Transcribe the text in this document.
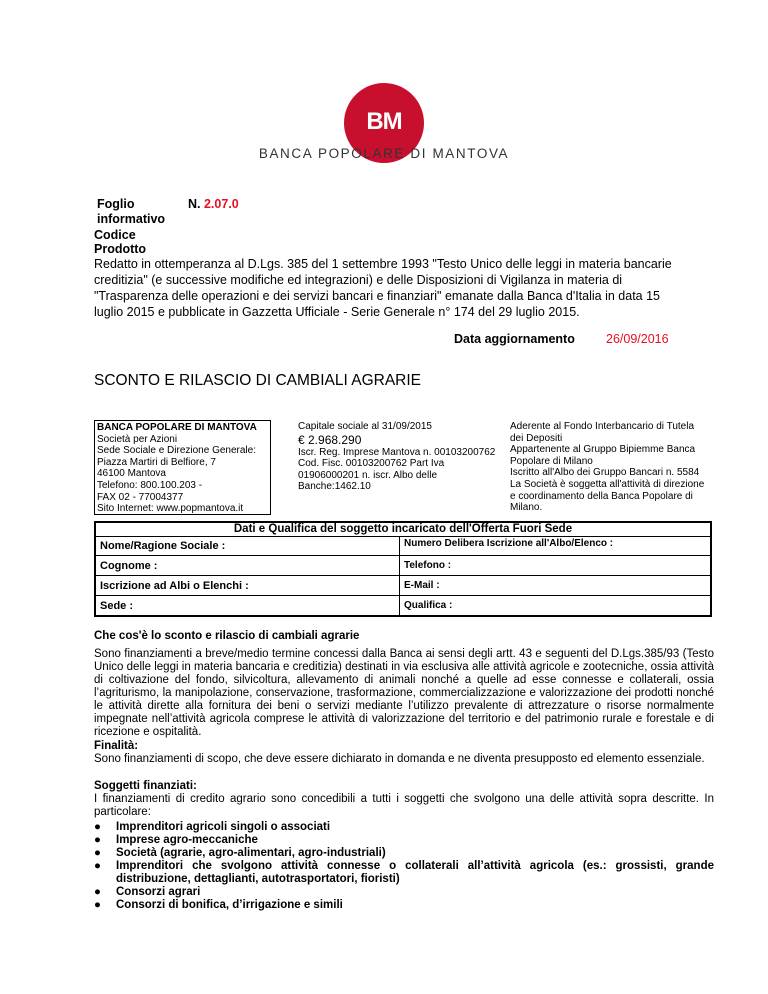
BM
BANCA POPOLARE DI MANTOVA
Foglio informativo
N. 2.07.0
Codice
Prodotto
Redatto in ottemperanza al D.Lgs. 385 del 1 settembre 1993 "Testo Unico delle leggi in materia bancarie creditizia" (e successive modifiche ed integrazioni) e delle Disposizioni di Vigilanza in materia di "Trasparenza delle operazioni e dei servizi bancari e finanziari" emanate dalla Banca d'Italia in data 15 luglio 2015 e pubblicate in Gazzetta Ufficiale - Serie Generale n° 174 del 29 luglio 2015.
Data aggiornamento 26/09/2016
SCONTO E RILASCIO DI CAMBIALI AGRARIE
BANCA POPOLARE DI MANTOVA
Società per Azioni
Sede Sociale e Direzione Generale:
Piazza Martiri di Belfiore, 7
46100 Mantova
Telefono: 800.100.203 -
FAX 02 - 77004377
Sito Internet: www.popmantova.it
Capitale sociale al 31/09/2015
€ 2.968.290
Iscr. Reg. Imprese Mantova n. 00103200762
Cod. Fisc. 00103200762 Part Iva
01906000201 n. iscr. Albo delle
Banche:1462.10
Aderente al Fondo Interbancario di Tutela
dei Depositi
Appartenente al Gruppo Bipiemme Banca
Popolare di Milano
Iscritto all'Albo dei Gruppo Bancari n. 5584
La Società è soggetta all'attività di direzione
e coordinamento della Banca Popolare di
Milano.
Dati e Qualifica del soggetto incaricato dell'Offerta Fuori Sede
Nome/Ragione Sociale :	Numero Delibera Iscrizione all'Albo/Elenco :
Cognome :	Telefono :
Iscrizione ad Albi o Elenchi :	E-Mail :
Sede :	Qualifica :
Che cos'è lo sconto e rilascio di cambiali agrarie
Sono finanziamenti a breve/medio termine concessi dalla Banca ai sensi degli artt. 43 e seguenti del D.Lgs.385/93 (Testo Unico delle leggi in materia bancaria e creditizia) destinati in via esclusiva alle attività agricole e zootecniche, ossia attività di coltivazione del fondo, silvicoltura, allevamento di animali nonché a quelle ad esse connesse e collaterali, ossia l’agriturismo, la manipolazione, conservazione, trasformazione, commercializzazione e valorizzazione dei prodotti nonché le attività dirette alla fornitura dei beni o servizi mediante l’utilizzo prevalente di attrezzature o risorse normalmente impegnate nell’attività agricola comprese le attività di valorizzazione del territorio e del patrimonio rurale e forestale e di ricezione e ospitalità.
Finalità:
Sono finanziamenti di scopo, che deve essere dichiarato in domanda e ne diventa presupposto ed elemento essenziale.
Soggetti finanziati:
I finanziamenti di credito agrario sono concedibili a tutti i soggetti che svolgono una delle attività sopra descritte. In particolare:
● Imprenditori agricoli singoli o associati
● Imprese agro-meccaniche
● Società (agrarie, agro-alimentari, agro-industriali)
● Imprenditori che svolgono attività connesse o collaterali all’attività agricola (es.: grossisti, grande distribuzione, dettaglianti, autotrasportatori, fioristi)
● Consorzi agrari
● Consorzi di bonifica, d’irrigazione e simili
